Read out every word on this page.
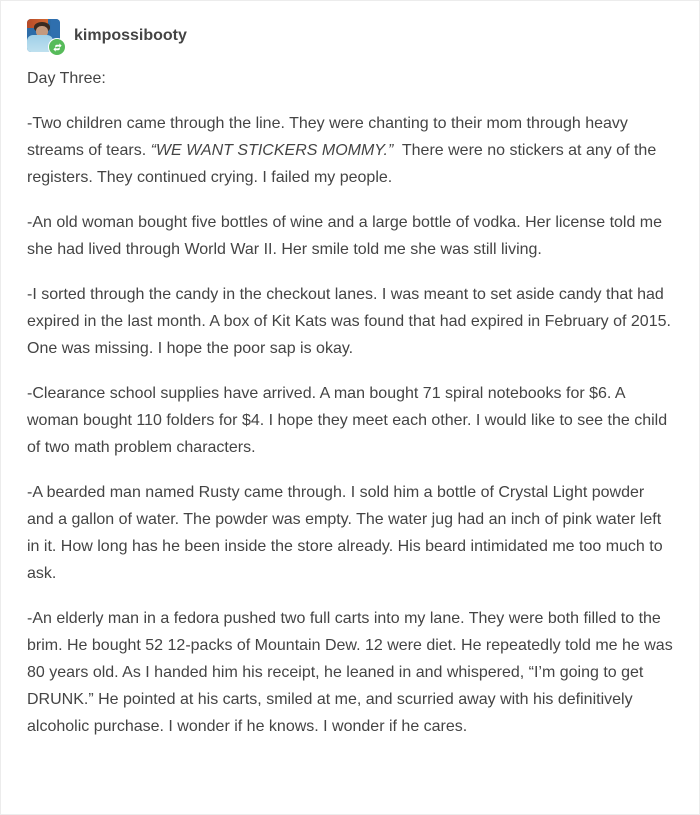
kimpossibooty

Day Three:

-Two children came through the line. They were chanting to their mom through heavy streams of tears. “WE WANT STICKERS MOMMY.”  There were no stickers at any of the registers. They continued crying. I failed my people.

-An old woman bought five bottles of wine and a large bottle of vodka. Her license told me she had lived through World War II. Her smile told me she was still living.

-I sorted through the candy in the checkout lanes. I was meant to set aside candy that had expired in the last month. A box of Kit Kats was found that had expired in February of 2015. One was missing. I hope the poor sap is okay.

-Clearance school supplies have arrived. A man bought 71 spiral notebooks for $6. A woman bought 110 folders for $4. I hope they meet each other. I would like to see the child of two math problem characters.

-A bearded man named Rusty came through. I sold him a bottle of Crystal Light powder and a gallon of water. The powder was empty. The water jug had an inch of pink water left in it. How long has he been inside the store already. His beard intimidated me too much to ask.

-An elderly man in a fedora pushed two full carts into my lane. They were both filled to the brim. He bought 52 12-packs of Mountain Dew. 12 were diet. He repeatedly told me he was 80 years old. As I handed him his receipt, he leaned in and whispered, “I’m going to get DRUNK.” He pointed at his carts, smiled at me, and scurried away with his definitively alcoholic purchase. I wonder if he knows. I wonder if he cares.
